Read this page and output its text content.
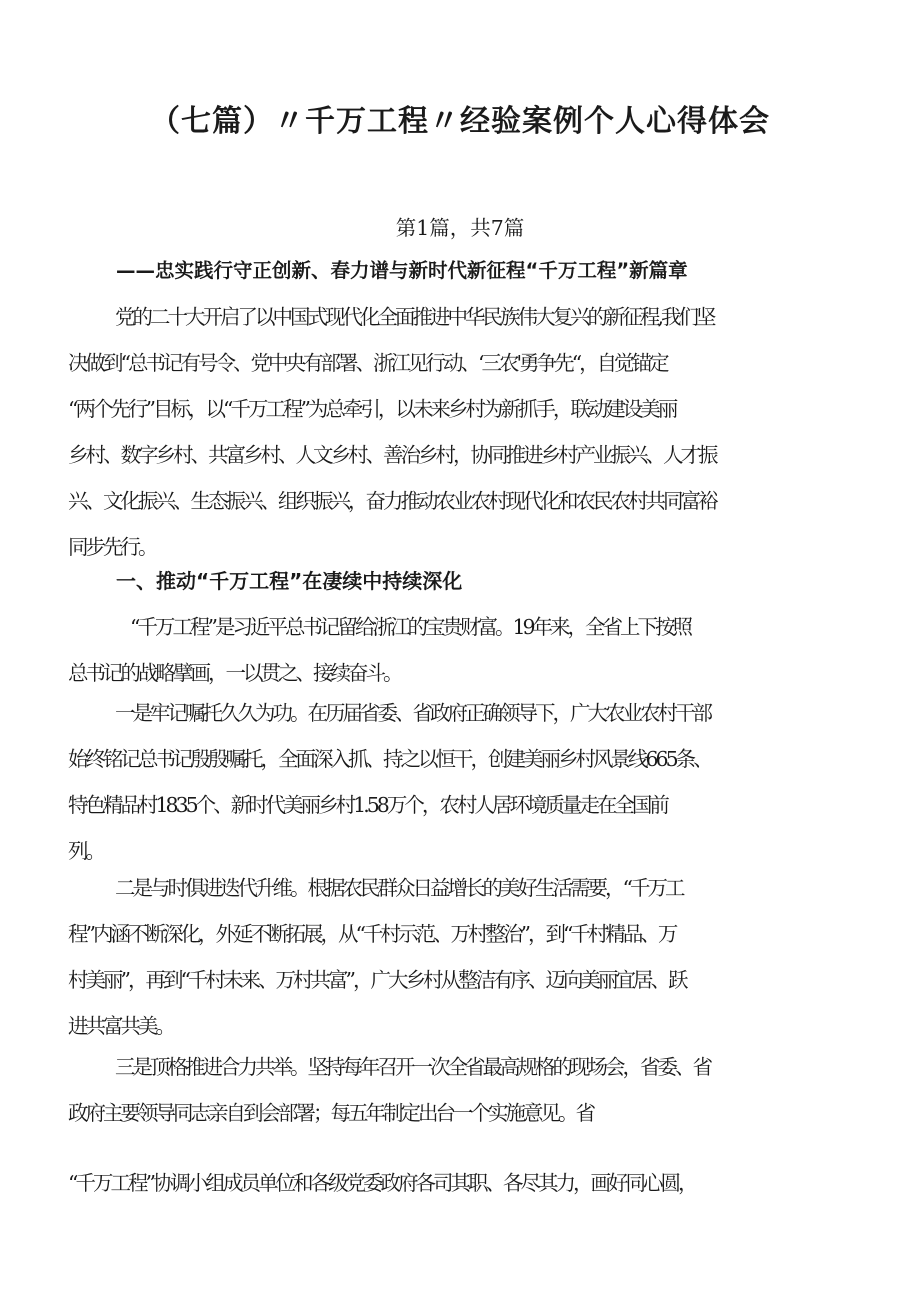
（七篇）〃千万工程〃经验案例个人心得体会

第1篇，共7篇

——忠实践行守正创新、春力谱与新时代新征程“千万工程”新篇章

党的二十大开启了以中国式现代化全面推进中华民族伟大复兴的新征程,我们坚
决做到“总书记有号令、党中央有部署、浙江见行动、‘三农'勇争先“，自觉锚定
“两个先行”目标，以“千万工程”为总牵引，以未来乡村为新抓手，联动建设美丽
乡村、数字乡村、共富乡村、人文乡村、善治乡村，协同推进乡村产业振兴、人才振
兴、文化振兴、生态振兴、组织振兴，奋力推动农业农村现代化和农民农村共同富裕
同步先行。

一、推动“千万工程”在凄续中持续深化

“千万工程”是习近平总书记留给浙江的宝贵财富。19年来，全省上下按照
总书记的战略擘画，一以贯之、接续奋斗。
一是牢记嘱托久久为功。在历届省委、省政府正确领导下，广大农业农村干部
始终铭记总书记殷殷嘱托，全面深入抓、持之以恒干，创建美丽乡村风景线665条、
特色精品村1835个、新时代美丽乡村1.58万个，农村人居环境质量走在全国前
列。
二是与时俱进迭代升维。根据农民群众日益增长的美好生活需要，“千万工
程”内涵不断深化，外延不断拓展，从“千村示范、万村整治”，到“千村精品、万
村美丽”，再到“千村未来、万村共富”，广大乡村从整洁有序、迈向美丽宜居、跃
进共富共美。
三是顶格推进合力共举。坚持每年召开一次全省最高规格的现场会，省委、省
政府主要领导同志亲自到会部署；每五年制定出台一个实施意见。省
“千万工程”协调小组成员单位和各级党委政府各司其职、各尽其力，画好同心圆，
